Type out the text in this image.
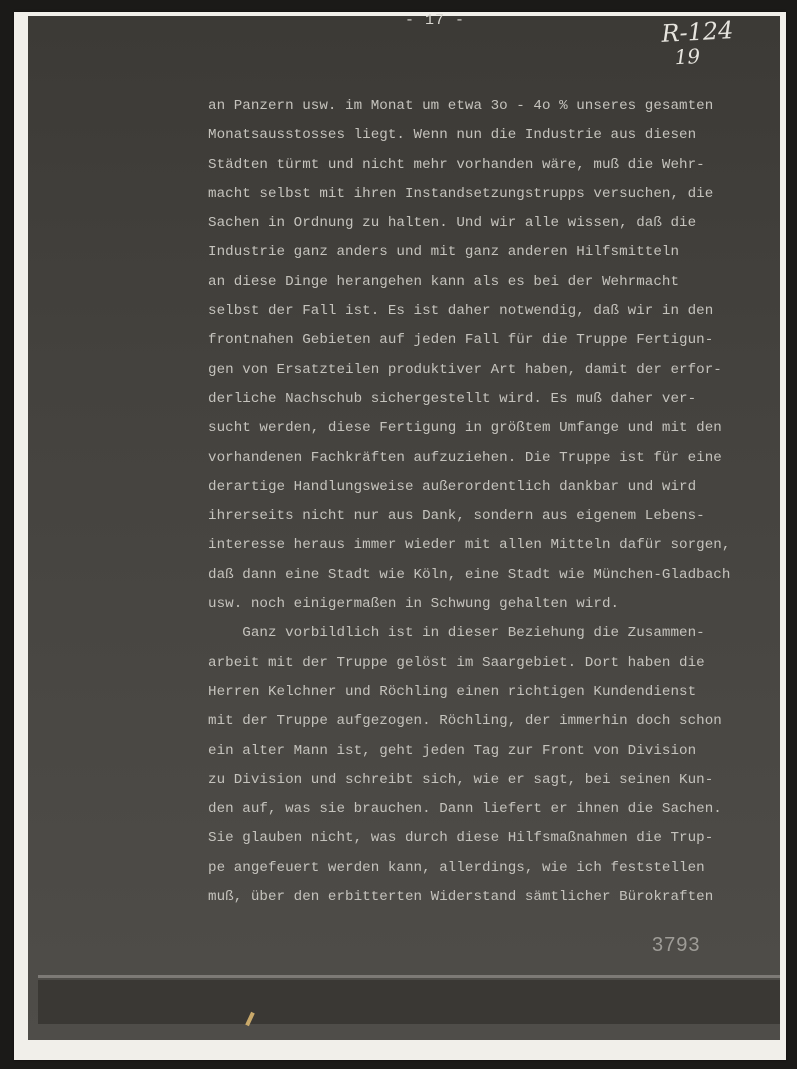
- 17 -	R-124
19
an Panzern usw. im Monat um etwa 3o - 4o % unseres gesamten
Monatsausstosses liegt. Wenn nun die Industrie aus diesen
Städten türmt und nicht mehr vorhanden wäre, muß die Wehr-
macht selbst mit ihren Instandsetzungstrupps versuchen, die
Sachen in Ordnung zu halten. Und wir alle wissen, daß die
Industrie ganz anders und mit ganz anderen Hilfsmitteln
an diese Dinge herangehen kann als es bei der Wehrmacht
selbst der Fall ist. Es ist daher notwendig, daß wir in den
frontnahen Gebieten auf jeden Fall für die Truppe Fertigun-
gen von Ersatzteilen produktiver Art haben, damit der erfor-
derliche Nachschub sichergestellt wird. Es muß daher ver-
sucht werden, diese Fertigung in größtem Umfange und mit den
vorhandenen Fachkräften aufzuziehen. Die Truppe ist für eine
derartige Handlungsweise außerordentlich dankbar und wird
ihrerseits nicht nur aus Dank, sondern aus eigenem Lebens-
interesse heraus immer wieder mit allen Mitteln dafür sorgen,
daß dann eine Stadt wie Köln, eine Stadt wie München-Gladbach
usw. noch einigermaßen in Schwung gehalten wird.
Ganz vorbildlich ist in dieser Beziehung die Zusammen-
arbeit mit der Truppe gelöst im Saargebiet. Dort haben die
Herren Kelchner und Röchling einen richtigen Kundendienst
mit der Truppe aufgezogen. Röchling, der immerhin doch schon
ein alter Mann ist, geht jeden Tag zur Front von Division
zu Division und schreibt sich, wie er sagt, bei seinen Kun-
den auf, was sie brauchen. Dann liefert er ihnen die Sachen.
Sie glauben nicht, was durch diese Hilfsmaßnahmen die Trup-
pe angefeuert werden kann, allerdings, wie ich feststellen
muß, über den erbitterten Widerstand sämtlicher Bürokraften
3793
